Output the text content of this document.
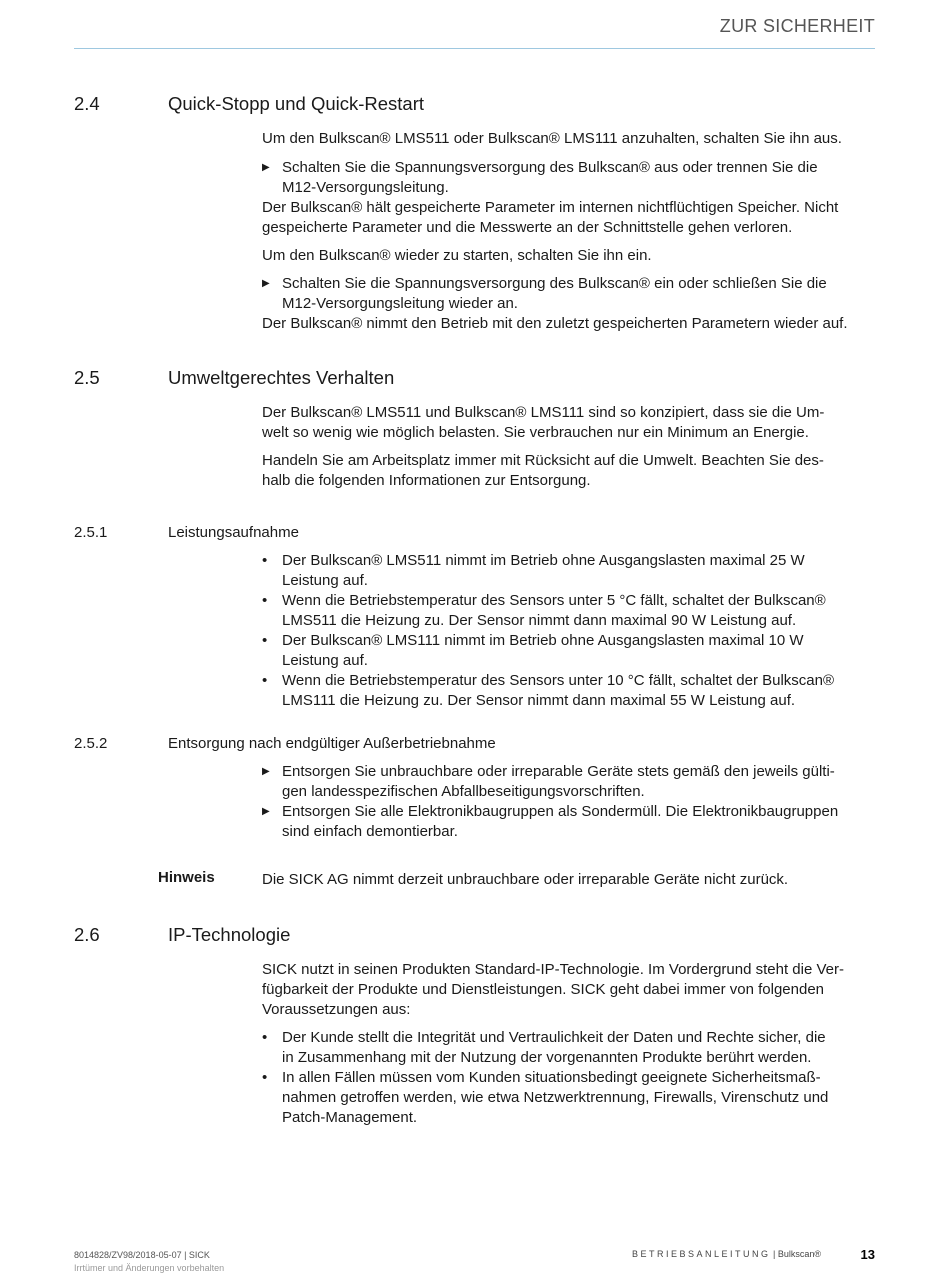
ZUR SICHERHEIT
2.4	Quick-Stopp und Quick-Restart

Um den Bulkscan® LMS511 oder Bulkscan® LMS111 anzuhalten, schalten Sie ihn aus.

▶ Schalten Sie die Spannungsversorgung des Bulkscan® aus oder trennen Sie die
M12-Versorgungsleitung.

Der Bulkscan® hält gespeicherte Parameter im internen nichtflüchtigen Speicher. Nicht

gespeicherte Parameter und die Messwerte an der Schnittstelle gehen verloren.

Um den Bulkscan® wieder zu starten, schalten Sie ihn ein.

▶ Schalten Sie die Spannungsversorgung des Bulkscan® ein oder schließen Sie die
M12-Versorgungsleitung wieder an.

Der Bulkscan® nimmt den Betrieb mit den zuletzt gespeicherten Parametern wieder auf.

2.5	Umweltgerechtes Verhalten

Der Bulkscan® LMS511 und Bulkscan® LMS111 sind so konzipiert, dass sie die Um-

welt so wenig wie möglich belasten. Sie verbrauchen nur ein Minimum an Energie.

Handeln Sie am Arbeitsplatz immer mit Rücksicht auf die Umwelt. Beachten Sie des-

halb die folgenden Informationen zur Entsorgung.

2.5.1	Leistungsaufnahme
• Der Bulkscan® LMS511 nimmt im Betrieb ohne Ausgangslasten maximal 25 W
Leistung auf.
• Wenn die Betriebstemperatur des Sensors unter 5 °C fällt, schaltet der Bulkscan®
LMS511 die Heizung zu. Der Sensor nimmt dann maximal 90 W Leistung auf.
• Der Bulkscan® LMS111 nimmt im Betrieb ohne Ausgangslasten maximal 10 W
Leistung auf.
• Wenn die Betriebstemperatur des Sensors unter 10 °C fällt, schaltet der Bulkscan®
LMS111 die Heizung zu. Der Sensor nimmt dann maximal 55 W Leistung auf.
2.5.2	Entsorgung nach endgültiger Außerbetriebnahme
▶ Entsorgen Sie unbrauchbare oder irreparable Geräte stets gemäß den jeweils gülti-
gen landesspezifischen Abfallbeseitigungsvorschriften.
▶ Entsorgen Sie alle Elektronikbaugruppen als Sondermüll. Die Elektronikbaugruppen
sind einfach demontierbar.
Hinweis	Die SICK AG nimmt derzeit unbrauchbare oder irreparable Geräte nicht zurück.
2.6	IP-Technologie

SICK nutzt in seinen Produkten Standard-IP-Technologie. Im Vordergrund steht die Ver-

fügbarkeit der Produkte und Dienstleistungen. SICK geht dabei immer von folgenden

Voraussetzungen aus:

• Der Kunde stellt die Integrität und Vertraulichkeit der Daten und Rechte sicher, die
in Zusammenhang mit der Nutzung der vorgenannten Produkte berührt werden.
• In allen Fällen müssen vom Kunden situationsbedingt geeignete Sicherheitsmaß-
nahmen getroffen werden, wie etwa Netzwerktrennung, Firewalls, Virenschutz und
Patch-Management.
8014828/ZV98/2018-05-07 | SICK
Irrtümer und Änderungen vorbehalten
BETRIEBSANLEITUNG | Bulkscan®	13
